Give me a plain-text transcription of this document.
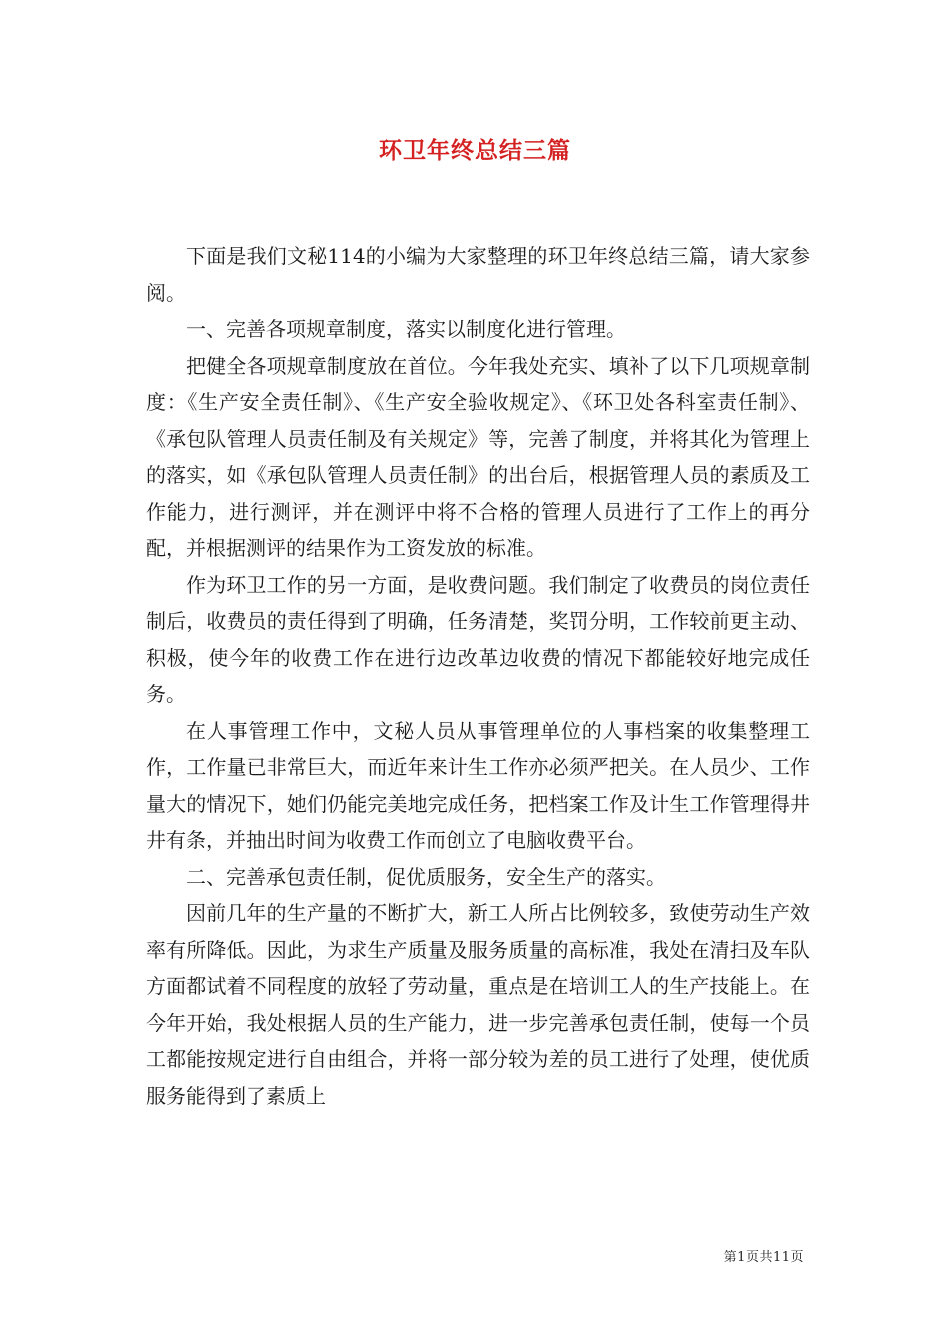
环卫年终总结三篇

下面是我们文秘114的小编为大家整理的环卫年终总结三篇，请大家参阅。

一、完善各项规章制度，落实以制度化进行管理。

把健全各项规章制度放在首位。今年我处充实、填补了以下几项规章制度：《生产安全责任制》、《生产安全验收规定》、《环卫处各科室责任制》、《承包队管理人员责任制及有关规定》等，完善了制度，并将其化为管理上的落实，如《承包队管理人员责任制》的出台后，根据管理人员的素质及工作能力，进行测评，并在测评中将不合格的管理人员进行了工作上的再分配，并根据测评的结果作为工资发放的标准。

作为环卫工作的另一方面，是收费问题。我们制定了收费员的岗位责任制后，收费员的责任得到了明确，任务清楚，奖罚分明，工作较前更主动、积极，使今年的收费工作在进行边改革边收费的情况下都能较好地完成任务。

在人事管理工作中，文秘人员从事管理单位的人事档案的收集整理工作，工作量已非常巨大，而近年来计生工作亦必须严把关。在人员少、工作量大的情况下，她们仍能完美地完成任务，把档案工作及计生工作管理得井井有条，并抽出时间为收费工作而创立了电脑收费平台。

二、完善承包责任制，促优质服务，安全生产的落实。

因前几年的生产量的不断扩大，新工人所占比例较多，致使劳动生产效率有所降低。因此，为求生产质量及服务质量的高标准，我处在清扫及车队方面都试着不同程度的放轻了劳动量，重点是在培训工人的生产技能上。在今年开始，我处根据人员的生产能力，进一步完善承包责任制，使每一个员工都能按规定进行自由组合，并将一部分较为差的员工进行了处理，使优质服务能得到了素质上

第1页共11页
